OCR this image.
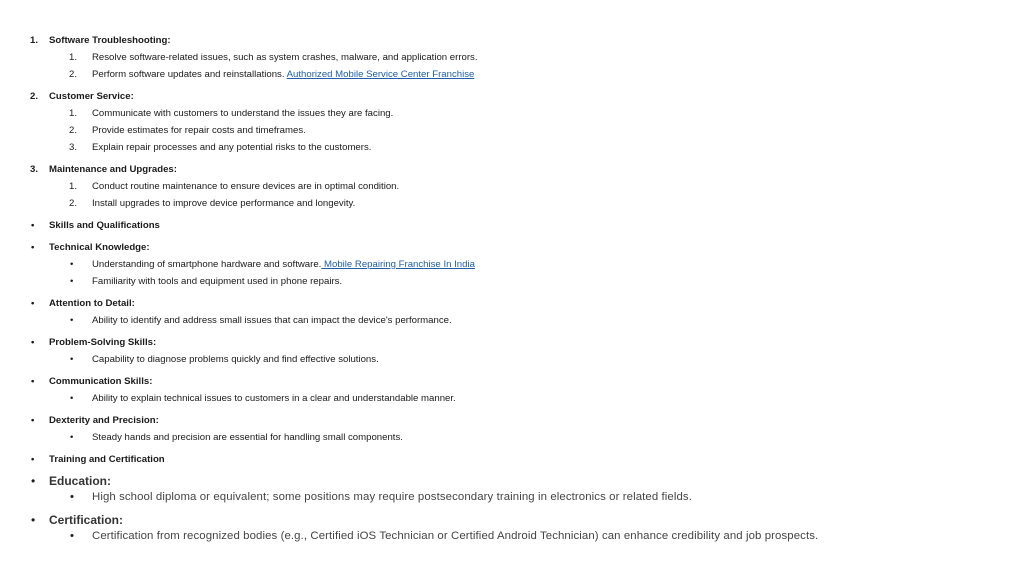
1. Software Troubleshooting:
1. Resolve software-related issues, such as system crashes, malware, and application errors.
2. Perform software updates and reinstallations. Authorized Mobile Service Center Franchise
2. Customer Service:
1. Communicate with customers to understand the issues they are facing.
2. Provide estimates for repair costs and timeframes.
3. Explain repair processes and any potential risks to the customers.
3. Maintenance and Upgrades:
1. Conduct routine maintenance to ensure devices are in optimal condition.
2. Install upgrades to improve device performance and longevity.
• Skills and Qualifications
• Technical Knowledge:
• Understanding of smartphone hardware and software. Mobile Repairing Franchise In India
• Familiarity with tools and equipment used in phone repairs.
• Attention to Detail:
• Ability to identify and address small issues that can impact the device's performance.
• Problem-Solving Skills:
• Capability to diagnose problems quickly and find effective solutions.
• Communication Skills:
• Ability to explain technical issues to customers in a clear and understandable manner.
• Dexterity and Precision:
• Steady hands and precision are essential for handling small components.
• Training and Certification
• Education:
• High school diploma or equivalent; some positions may require postsecondary training in electronics or related fields.
• Certification:
• Certification from recognized bodies (e.g., Certified iOS Technician or Certified Android Technician) can enhance credibility and job prospects.
